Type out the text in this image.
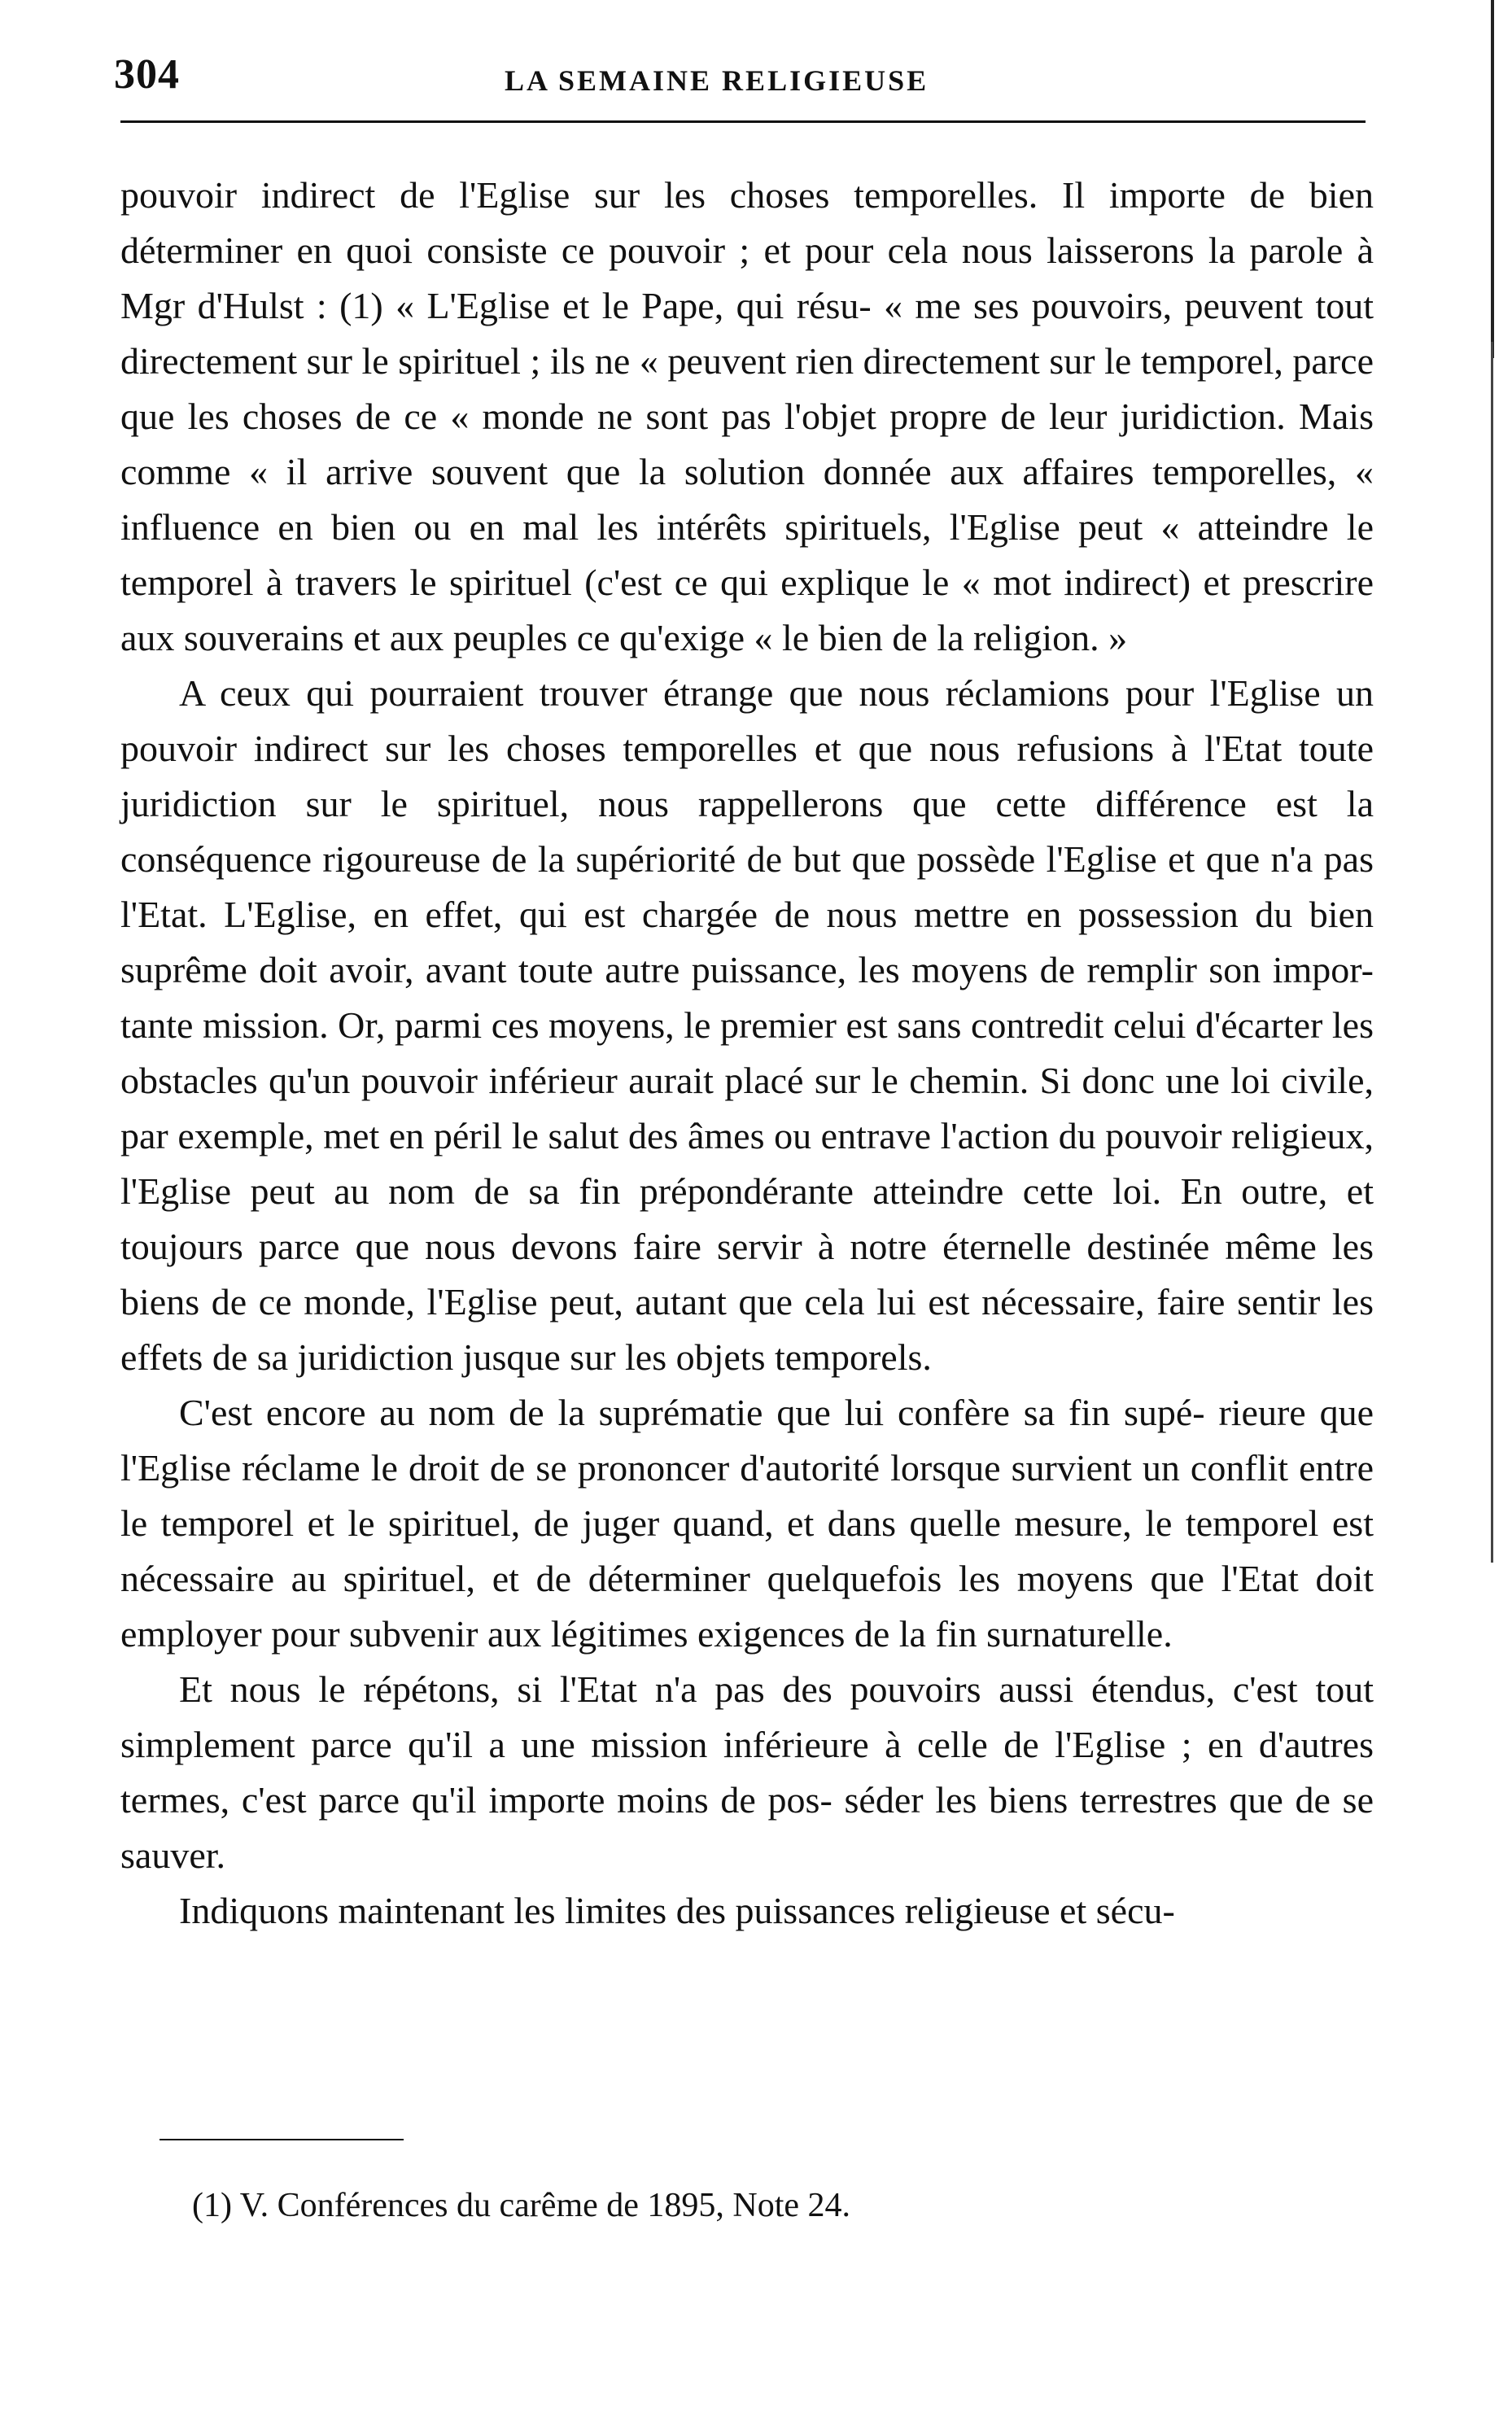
304	LA SEMAINE RELIGIEUSE

pouvoir indirect de l'Eglise sur les choses temporelles. Il importe de bien déterminer en quoi consiste ce pouvoir ; et pour cela nous laisserons la parole à Mgr d'Hulst : (1) « L'Eglise et le Pape, qui résu- « me ses pouvoirs, peuvent tout directement sur le spirituel ; ils ne « peuvent rien directement sur le temporel, parce que les choses de ce « monde ne sont pas l'objet propre de leur juridiction. Mais comme « il arrive souvent que la solution donnée aux affaires temporelles, « influence en bien ou en mal les intérêts spirituels, l'Eglise peut « atteindre le temporel à travers le spirituel (c'est ce qui explique le « mot indirect) et prescrire aux souverains et aux peuples ce qu'exige « le bien de la religion. »

A ceux qui pourraient trouver étrange que nous réclamions pour l'Eglise un pouvoir indirect sur les choses temporelles et que nous refusions à l'Etat toute juridiction sur le spirituel, nous rappellerons que cette différence est la conséquence rigoureuse de la supériorité de but que possède l'Eglise et que n'a pas l'Etat. L'Eglise, en effet, qui est chargée de nous mettre en possession du bien suprême doit avoir, avant toute autre puissance, les moyens de remplir son impor- tante mission. Or, parmi ces moyens, le premier est sans contredit celui d'écarter les obstacles qu'un pouvoir inférieur aurait placé sur le chemin. Si donc une loi civile, par exemple, met en péril le salut des âmes ou entrave l'action du pouvoir religieux, l'Eglise peut au nom de sa fin prépondérante atteindre cette loi. En outre, et toujours parce que nous devons faire servir à notre éternelle destinée même les biens de ce monde, l'Eglise peut, autant que cela lui est nécessaire, faire sentir les effets de sa juridiction jusque sur les objets temporels.

C'est encore au nom de la suprématie que lui confère sa fin supé- rieure que l'Eglise réclame le droit de se prononcer d'autorité lorsque survient un conflit entre le temporel et le spirituel, de juger quand, et dans quelle mesure, le temporel est nécessaire au spirituel, et de déterminer quelquefois les moyens que l'Etat doit employer pour subvenir aux légitimes exigences de la fin surnaturelle.

Et nous le répétons, si l'Etat n'a pas des pouvoirs aussi étendus, c'est tout simplement parce qu'il a une mission inférieure à celle de l'Eglise ; en d'autres termes, c'est parce qu'il importe moins de pos- séder les biens terrestres que de se sauver.

Indiquons maintenant les limites des puissances religieuse et sécu-

(1) V. Conférences du carême de 1895, Note 24.
